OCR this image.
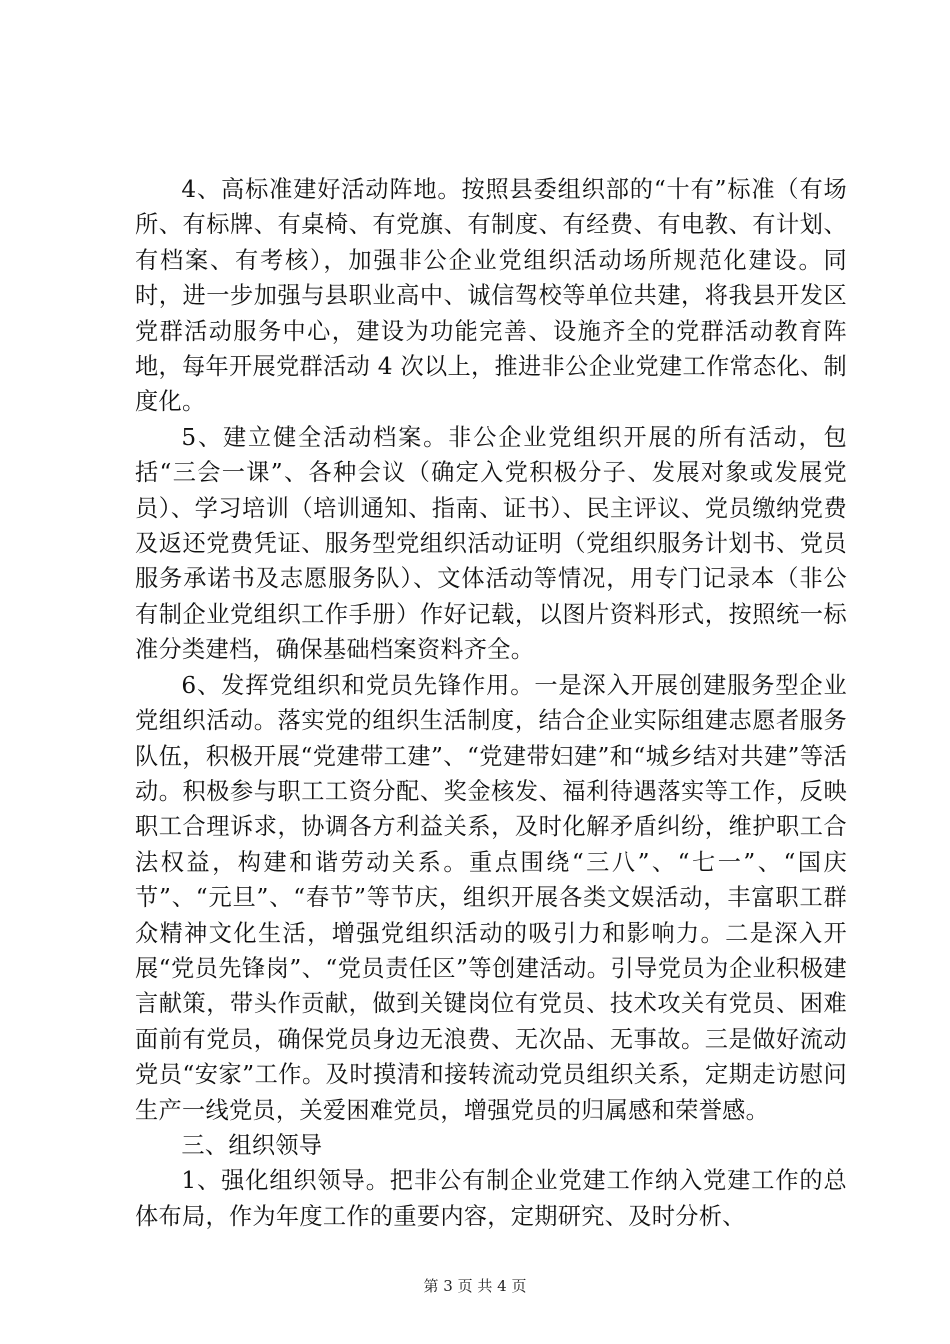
4、高标准建好活动阵地。按照县委组织部的“十有”标准（有场所、有标牌、有桌椅、有党旗、有制度、有经费、有电教、有计划、有档案、有考核），加强非公企业党组织活动场所规范化建设。同时，进一步加强与县职业高中、诚信驾校等单位共建，将我县开发区党群活动服务中心，建设为功能完善、设施齐全的党群活动教育阵地，每年开展党群活动 4 次以上，推进非公企业党建工作常态化、制度化。

5、建立健全活动档案。非公企业党组织开展的所有活动，包括“三会一课”、各种会议（确定入党积极分子、发展对象或发展党员）、学习培训（培训通知、指南、证书）、民主评议、党员缴纳党费及返还党费凭证、服务型党组织活动证明（党组织服务计划书、党员服务承诺书及志愿服务队）、文体活动等情况，用专门记录本（非公有制企业党组织工作手册）作好记载，以图片资料形式，按照统一标准分类建档，确保基础档案资料齐全。

6、发挥党组织和党员先锋作用。一是深入开展创建服务型企业党组织活动。落实党的组织生活制度，结合企业实际组建志愿者服务队伍，积极开展“党建带工建”、“党建带妇建”和“城乡结对共建”等活动。积极参与职工工资分配、奖金核发、福利待遇落实等工作，反映职工合理诉求，协调各方利益关系，及时化解矛盾纠纷，维护职工合法权益，构建和谐劳动关系。重点围绕“三八”、“七一”、“国庆节”、“元旦”、“春节”等节庆，组织开展各类文娱活动，丰富职工群众精神文化生活，增强党组织活动的吸引力和影响力。二是深入开展“党员先锋岗”、“党员责任区”等创建活动。引导党员为企业积极建言献策，带头作贡献，做到关键岗位有党员、技术攻关有党员、困难面前有党员，确保党员身边无浪费、无次品、无事故。三是做好流动党员“安家”工作。及时摸清和接转流动党员组织关系，定期走访慰问生产一线党员，关爱困难党员，增强党员的归属感和荣誉感。

三、组织领导

1、强化组织领导。把非公有制企业党建工作纳入党建工作的总体布局，作为年度工作的重要内容，定期研究、及时分析、

第 3 页 共 4 页
